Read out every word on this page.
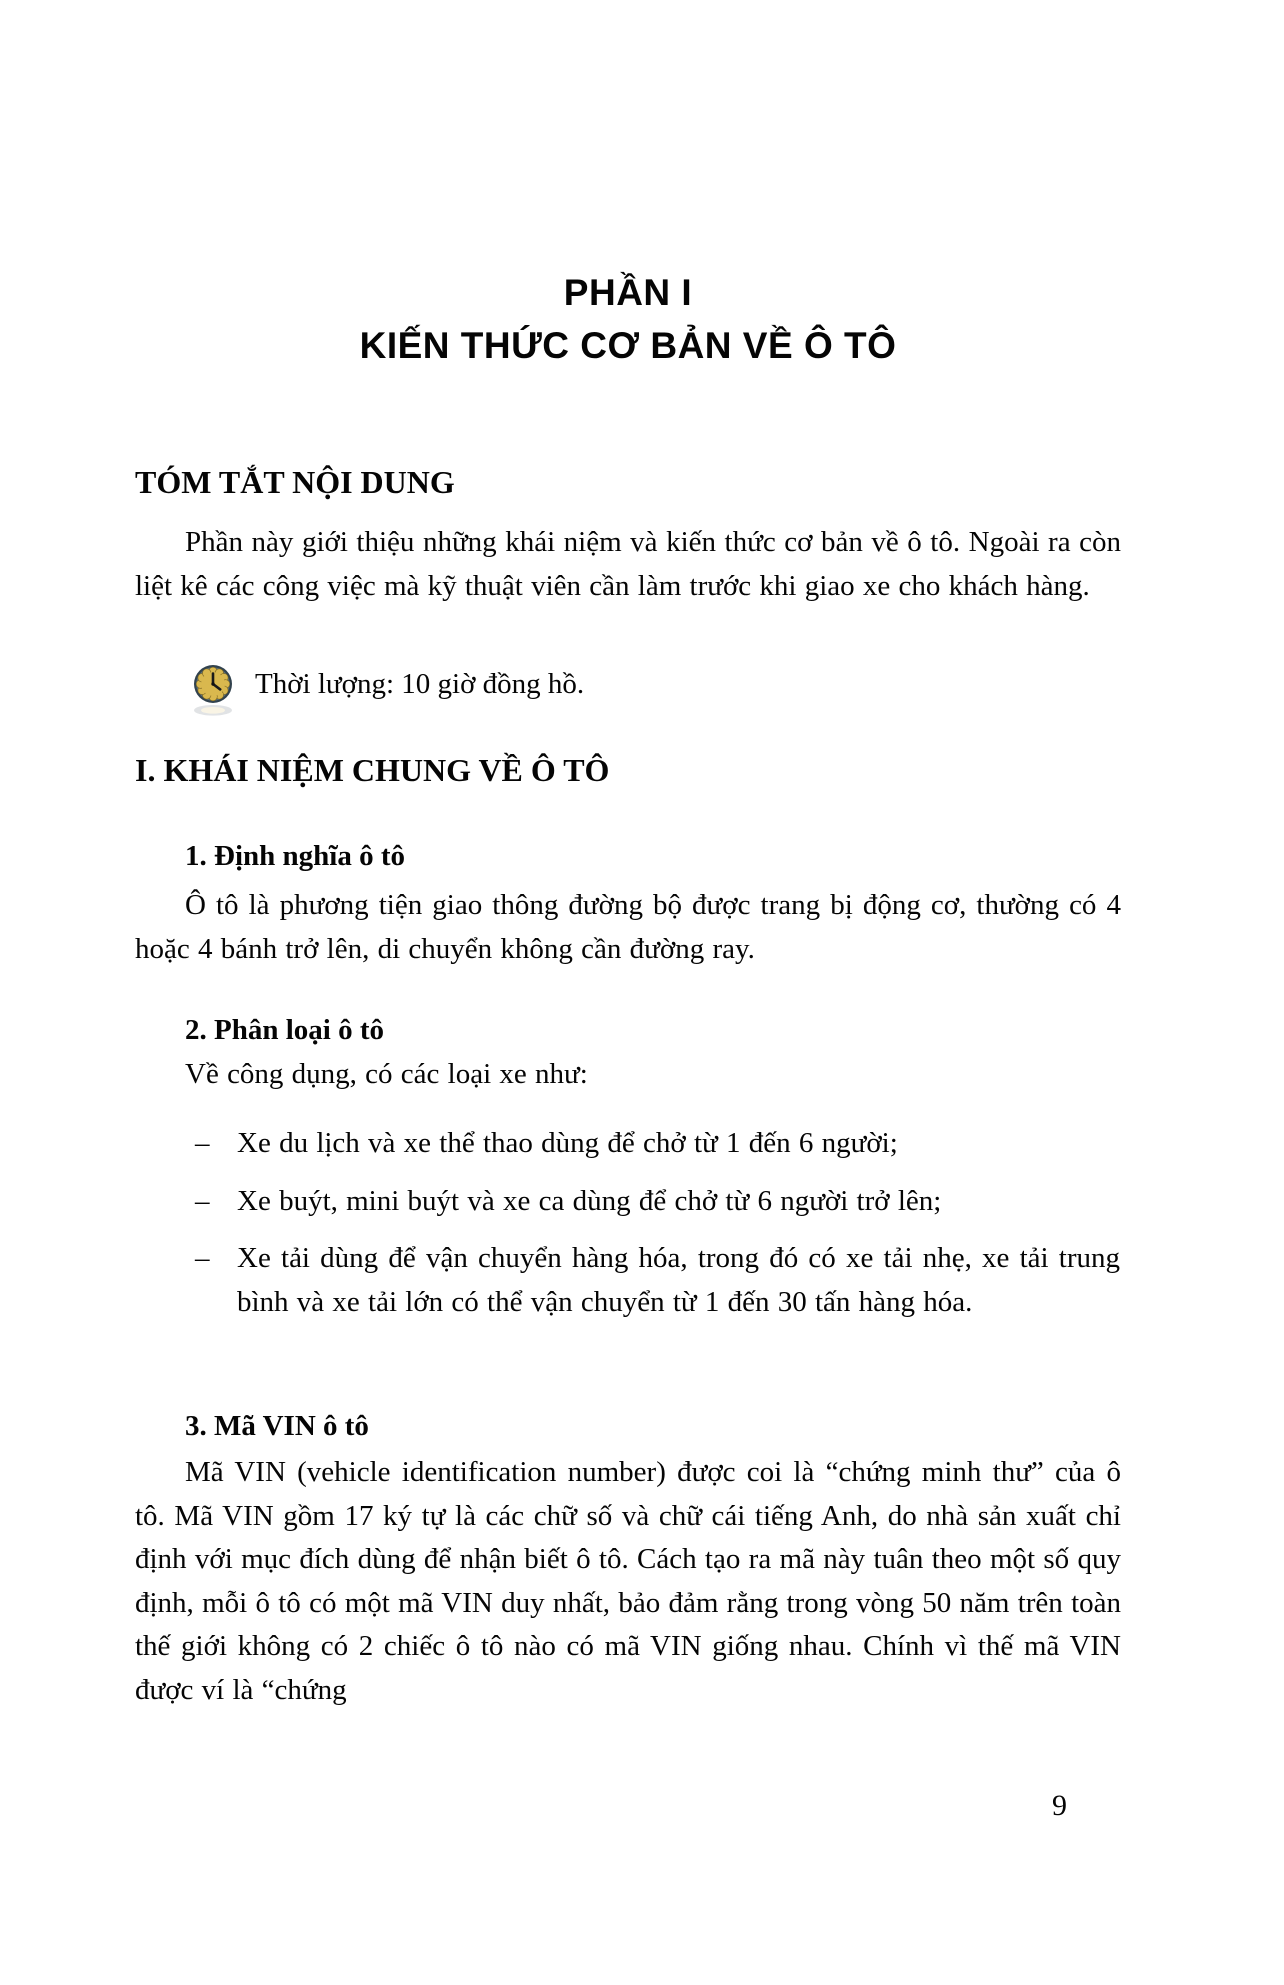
PHẦN I
KIẾN THỨC CƠ BẢN VỀ Ô TÔ
TÓM TẮT NỘI DUNG

Phần này giới thiệu những khái niệm và kiến thức cơ bản về ô tô. Ngoài ra còn liệt kê các công việc mà kỹ thuật viên cần làm trước khi giao xe cho khách hàng.

Thời lượng: 10 giờ đồng hồ.
I. KHÁI NIỆM CHUNG VỀ Ô TÔ
1. Định nghĩa ô tô

Ô tô là phương tiện giao thông đường bộ được trang bị động cơ, thường có 4 hoặc 4 bánh trở lên, di chuyển không cần đường ray.

2. Phân loại ô tô

Về công dụng, có các loại xe như:

– Xe du lịch và xe thể thao dùng để chở từ 1 đến 6 người;
– Xe buýt, mini buýt và xe ca dùng để chở từ 6 người trở lên;
– Xe tải dùng để vận chuyển hàng hóa, trong đó có xe tải nhẹ, xe tải trung bình và xe tải lớn có thể vận chuyển từ 1 đến 30 tấn hàng hóa.
3. Mã VIN ô tô

Mã VIN (vehicle identification number) được coi là “chứng minh thư” của ô tô. Mã VIN gồm 17 ký tự là các chữ số và chữ cái tiếng Anh, do nhà sản xuất chỉ định với mục đích dùng để nhận biết ô tô. Cách tạo ra mã này tuân theo một số quy định, mỗi ô tô có một mã VIN duy nhất, bảo đảm rằng trong vòng 50 năm trên toàn thế giới không có 2 chiếc ô tô nào có mã VIN giống nhau. Chính vì thế mã VIN được ví là “chứng

9
